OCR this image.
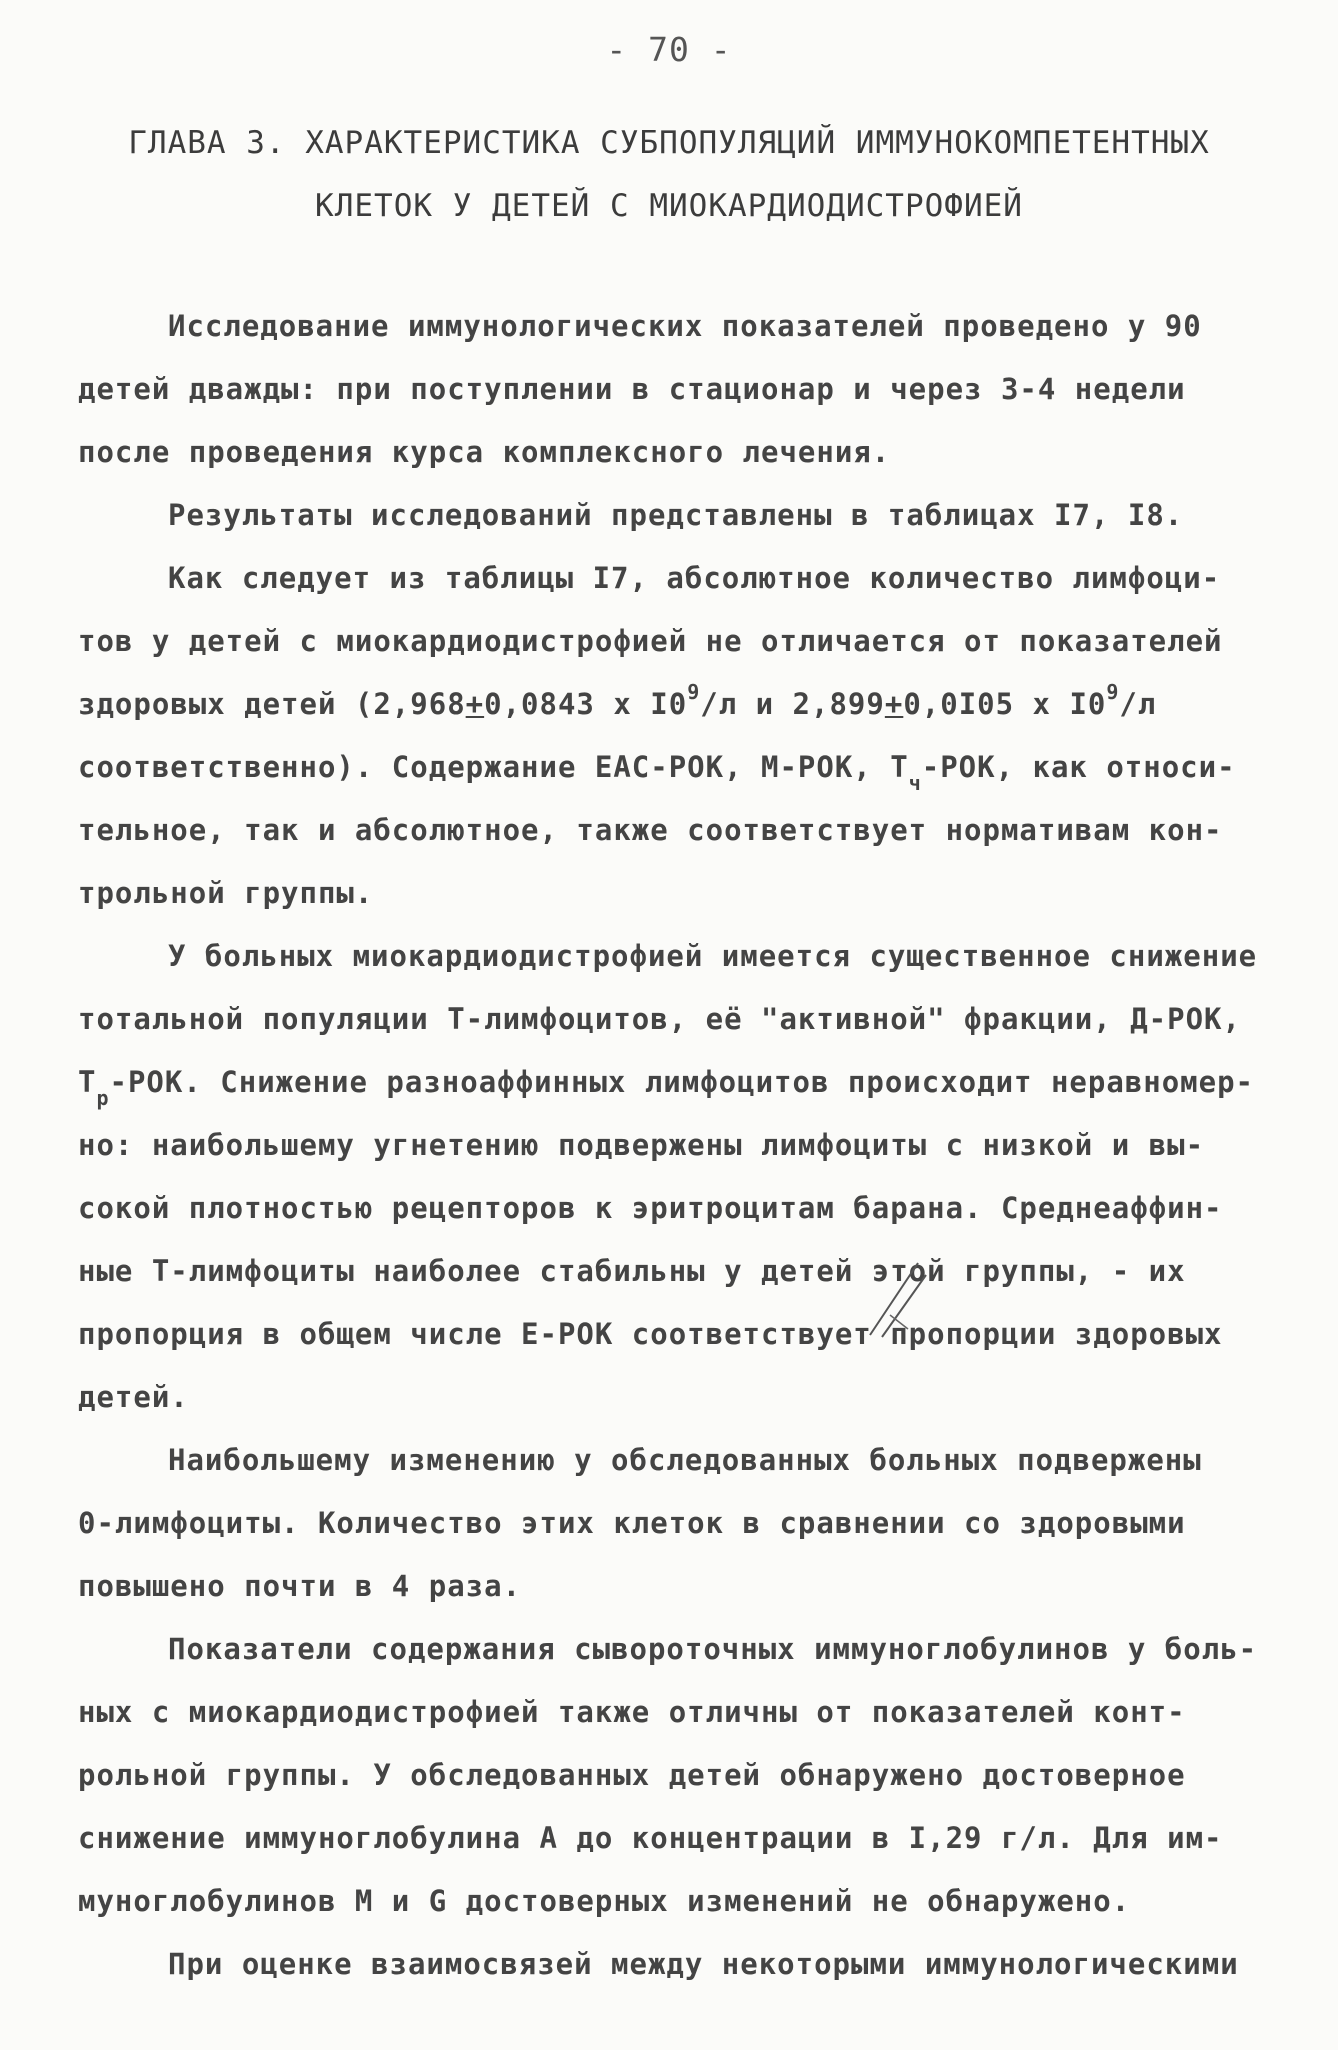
- 70 -
ГЛАВА 3. ХАРАКТЕРИСТИКА СУБПОПУЛЯЦИЙ ИММУНОКОМПЕТЕНТНЫХ
КЛЕТОК У ДЕТЕЙ С МИОКАРДИОДИСТРОФИЕЙ
Исследование иммунологических показателей проведено у 90
детей дважды: при поступлении в стационар и через 3-4 недели
после проведения курса комплексного лечения.
Результаты исследований представлены в таблицах I7, I8.
Как следует из таблицы I7, абсолютное количество лимфоци-
тов у детей с миокардиодистрофией не отличается от показателей
здоровых детей (2,968+0,0843 х $I0^9/л$ и 2,899+0,0I05 х $I0^9/л$
соответственно). Содержание ЕАС-РОК, М-РОК, $Т_ч$-РОК, как относи-
тельное, так и абсолютное, также соответствует нормативам кон-
трольной группы.
У больных миокардиодистрофией имеется существенное снижение
тотальной популяции Т-лимфоцитов, её "активной" фракции, Д-РОК,
$Т_р$-РОК. Снижение разноаффинных лимфоцитов происходит неравномер-
но: наибольшему угнетению подвержены лимфоциты с низкой и вы-
сокой плотностью рецепторов к эритроцитам барана. Среднеаффин-
ные Т-лимфоциты наиболее стабильны у детей этой группы, - их
пропорция в общем числе Е-РОК соответствует пропорции здоровых
детей.
Наибольшему изменению у обследованных больных подвержены
0-лимфоциты. Количество этих клеток в сравнении со здоровыми
повышено почти в 4 раза.
Показатели содержания сывороточных иммуноглобулинов у боль-
ных с миокардиодистрофией также отличны от показателей конт-
рольной группы. У обследованных детей обнаружено достоверное
снижение иммуноглобулина А до концентрации в I,29 г/л. Для им-
муноглобулинов М и G достоверных изменений не обнаружено.
При оценке взаимосвязей между некоторыми иммунологическими
